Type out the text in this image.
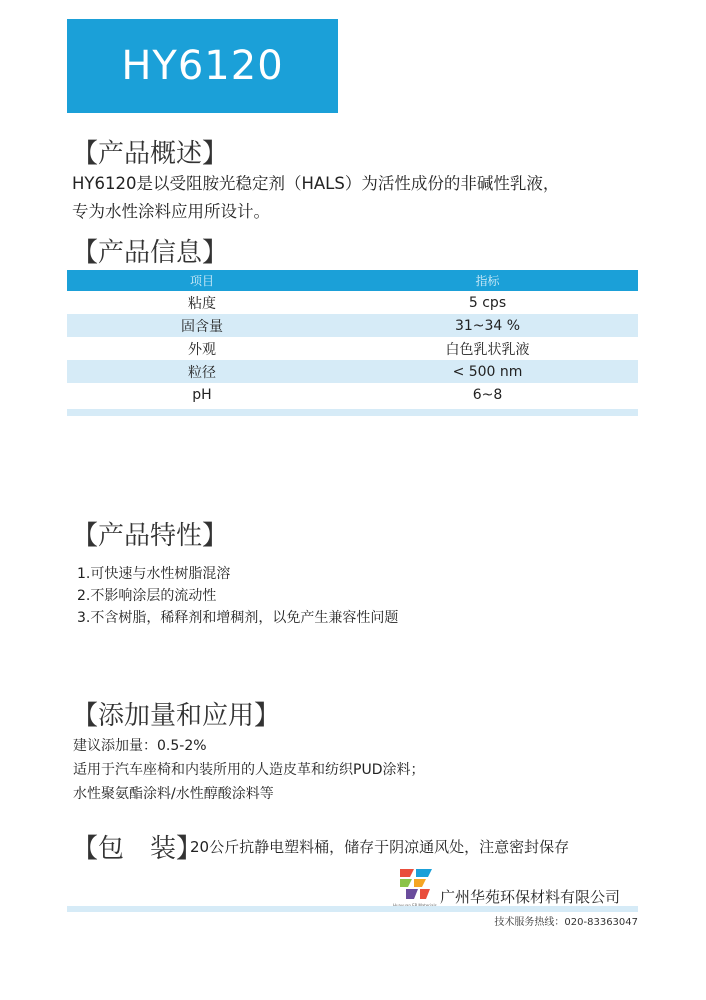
HY6120
【产品概述】
HY6120是以受阻胺光稳定剂（HALS）为活性成份的非碱性乳液，
专为水性涂料应用所设计。
【产品信息】
项目	指标
粘度	5 cps
固含量	31~34 %
外观	白色乳状乳液
粒径	< 500 nm
pH	6~8
【产品特性】
1.可快速与水性树脂混溶
2.不影响涂层的流动性
3.不含树脂，稀释剂和增稠剂，以免产生兼容性问题
【添加量和应用】
建议添加量：0.5-2%
适用于汽车座椅和内装所用的人造皮革和纺织PUD涂料；
水性聚氨酯涂料/水性醇酸涂料等
【包　装】
20公斤抗静电塑料桶，储存于阴凉通风处，注意密封保存
广州华苑环保材料有限公司
技术服务热线：020-83363047
